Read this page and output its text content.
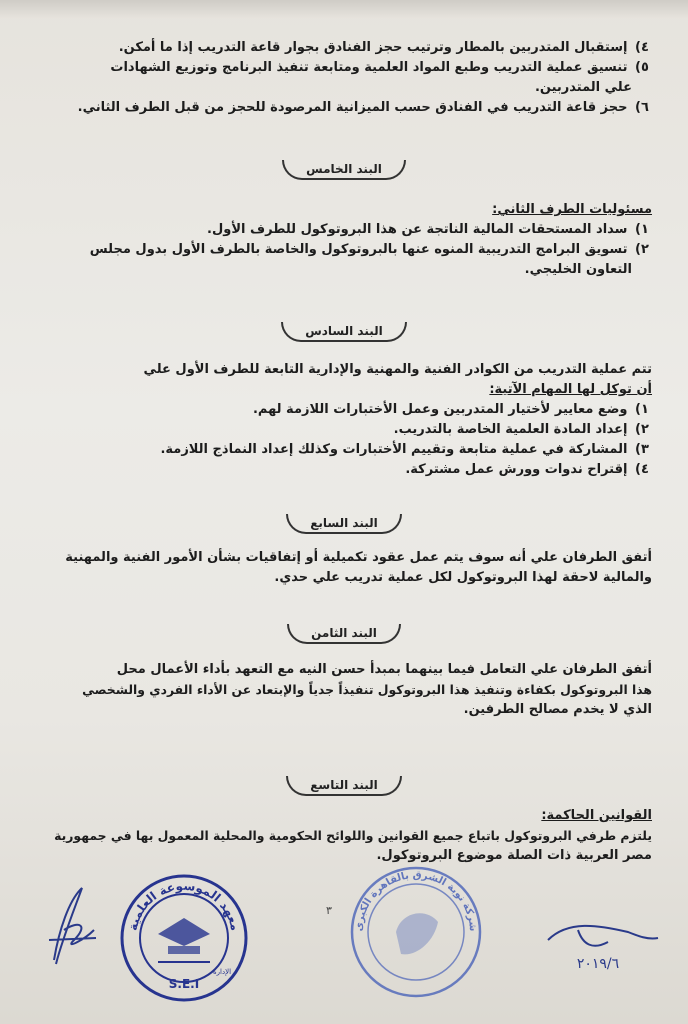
٤) إستقبال المتدربين بالمطار وترتيب حجز الفنادق بجوار قاعة التدريب إذا ما أمكن.
٥) تنسيق عملية التدريب وطبع المواد العلمية ومتابعة تنفيذ البرنامج وتوزيع الشهادات
علي المتدربين.
٦) حجز قاعة التدريب في الفنادق حسب الميزانية المرصودة للحجز من قبل الطرف الثاني.
البند الخامس
مسئوليات الطرف الثاني:
١) سداد المستحقات المالية الناتجة عن هذا البروتوكول للطرف الأول.
٢) تسويق البرامج التدريبية المنوه عنها بالبروتوكول والخاصة بالطرف الأول بدول مجلس
التعاون الخليجي.
البند السادس
تتم عملية التدريب من الكوادر الفنية والمهنية والإدارية التابعة للطرف الأول علي
أن توكل لها المهام الآتية:
١) وضع معايير لأختيار المتدربين وعمل الأختبارات اللازمة لهم.
٢) إعداد المادة العلمية الخاصة بالتدريب.
٣) المشاركة في عملية متابعة وتقييم الأختبارات وكذلك إعداد النماذج اللازمة.
٤) إقتراح ندوات وورش عمل مشتركة.
البند السابع
أتفق الطرفان علي أنه سوف يتم عمل عقود تكميلية أو إتفاقيات بشأن الأمور الفنية والمهنية
والمالية لاحقة لهذا البروتوكول لكل عملية تدريب علي حدي.
البند الثامن
أتفق الطرفان علي التعامل فيما بينهما بمبدأ حسن النيه مع التعهد بأداء الأعمال محل
هذا البروتوكول بكفاءة وتنفيذ هذا البروتوكول تنفيذاً جدياً والإبتعاد عن الأداء الفردي والشخصي
الذي لا يخدم مصالح الطرفين.
البند التاسع
القوانين الحاكمة:
يلتزم طرفي البروتوكول باتباع جميع القوانين واللوائح الحكومية والمحلية المعمول بها في جمهورية
مصر العربية ذات الصلة موضوع البروتوكول.
٣
معهد الموسوعة العلمية
S.E.I
الإدارة
شركة نوبة الشرق بالقاهرة الكبرى
٢٠١٩/٦
